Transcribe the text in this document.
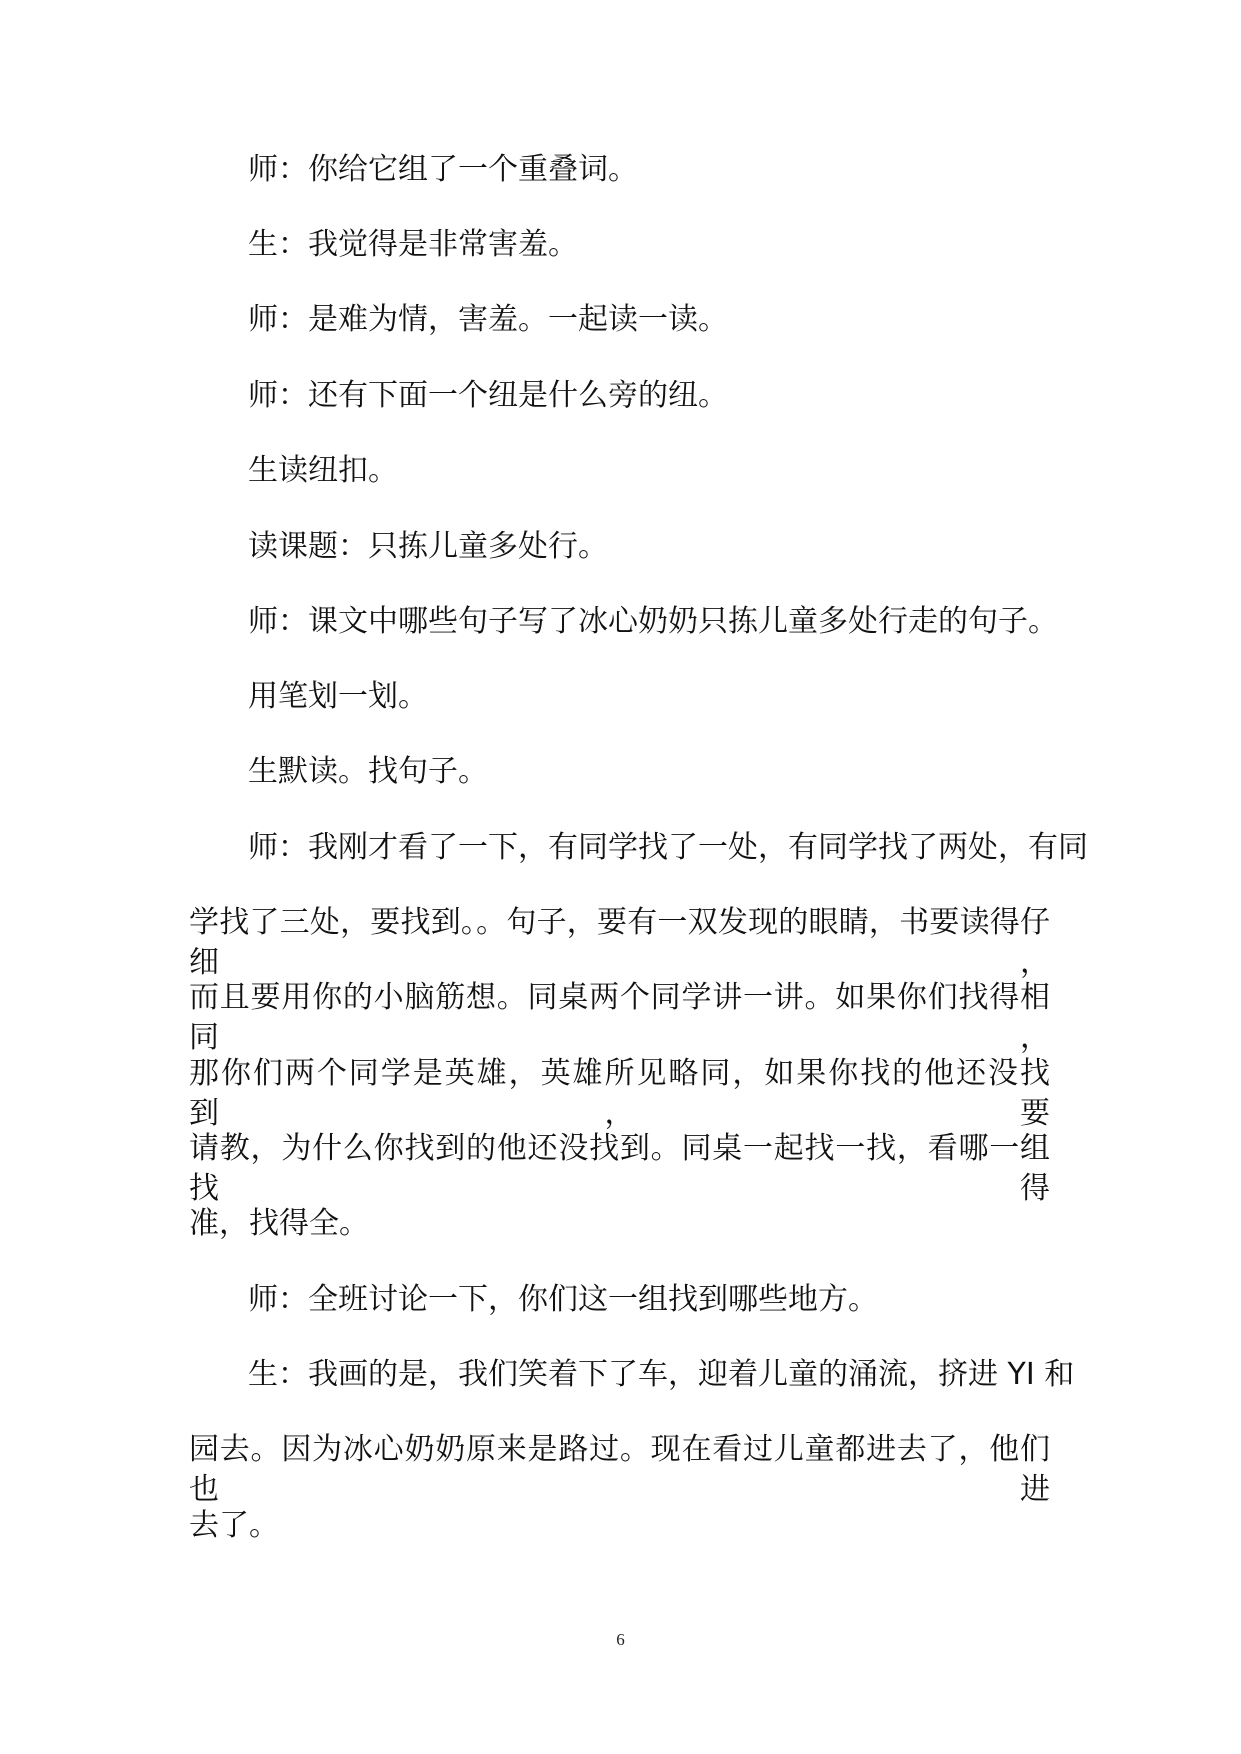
师：你给它组了一个重叠词。
生：我觉得是非常害羞。
师：是难为情，害羞。一起读一读。
师：还有下面一个纽是什么旁的纽。
生读纽扣。
读课题：只拣儿童多处行。
师：课文中哪些句子写了冰心奶奶只拣儿童多处行走的句子。
用笔划一划。
生默读。找句子。
师：我刚才看了一下，有同学找了一处，有同学找了两处，有同
学找了三处，要找到。。句子，要有一双发现的眼睛，书要读得仔细，
而且要用你的小脑筋想。同桌两个同学讲一讲。如果你们找得相同，
那你们两个同学是英雄，英雄所见略同，如果你找的他还没找到，要
请教，为什么你找到的他还没找到。同桌一起找一找，看哪一组找得
准，找得全。
师：全班讨论一下，你们这一组找到哪些地方。
生：我画的是，我们笑着下了车，迎着儿童的涌流，挤进 YI 和
园去。因为冰心奶奶原来是路过。现在看过儿童都进去了，他们也进
去了。
6
